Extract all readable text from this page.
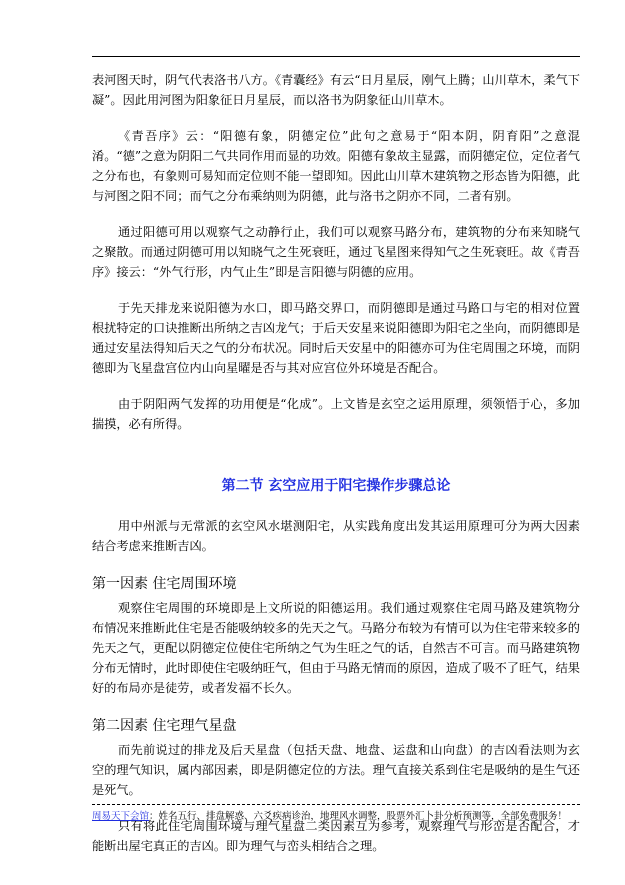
表河图天时，阴气代表洛书八方。《青囊经》有云“日月星辰，刚气上腾；山川草木，柔气下凝”。因此用河图为阳象征日月星辰，而以洛书为阴象征山川草木。

《青吾序》云：“阳德有象，阴德定位”此句之意易于“阳本阴，阴育阳”之意混淆。“德”之意为阴阳二气共同作用而显的功效。阳德有象故主显露，而阴德定位，定位者气之分布也，有象则可易知而定位则不能一望即知。因此山川草木建筑物之形态皆为阳德，此与河图之阳不同；而气之分布乘纳则为阴德，此与洛书之阴亦不同，二者有别。

通过阳德可用以观察气之动静行止，我们可以观察马路分布，建筑物的分布来知晓气之聚散。而通过阴德可用以知晓气之生死衰旺，通过飞星图来得知气之生死衰旺。故《青吾序》接云：“外气行形，内气止生”即是言阳德与阴德的应用。

于先天排龙来说阳德为水口，即马路交界口，而阴德即是通过马路口与宅的相对位置根扰特定的口诀推断出所纳之吉凶龙气；于后天安星来说阳德即为阳宅之坐向，而阴德即是通过安星法得知后天之气的分布状况。同时后天安星中的阳德亦可为住宅周围之环境，而阴德即为飞星盘宫位内山向星曜是否与其对应宫位外环境是否配合。

由于阴阳两气发挥的功用便是“化成”。上文皆是玄空之运用原理，须领悟于心，多加揣摸，必有所得。

第二节 玄空应用于阳宅操作步骤总论

用中州派与无常派的玄空风水堪测阳宅，从实践角度出发其运用原理可分为两大因素结合考虑来推断吉凶。

第一因素 住宅周围环境

观察住宅周围的环境即是上文所说的阳德运用。我们通过观察住宅周马路及建筑物分布情况来推断此住宅是否能吸纳较多的先天之气。马路分布较为有情可以为住宅带来较多的先天之气，更配以阴德定位使住宅所纳之气为生旺之气的话，自然吉不可言。而马路建筑物分布无情时，此时即使住宅吸纳旺气，但由于马路无情而的原因，造成了吸不了旺气，结果好的布局亦是徒劳，或者发福不长久。

第二因素 住宅理气星盘

而先前说过的排龙及后天星盘（包括天盘、地盘、运盘和山向盘）的吉凶看法则为玄空的理气知识，属内部因素，即是阴德定位的方法。理气直接关系到住宅是吸纳的是生气还是死气。

只有将此住宅周围环境与理气星盘二类因素互为参考，观察理气与形峦是否配合，才能断出屋宅真正的吉凶。即为理气与峦头相结合之理。

周易天下会馆：姓名五行、排盘解惑、六爻疾病诊治，地理风水调整，股票外汇卜卦分析预测等，全部免费服务！
